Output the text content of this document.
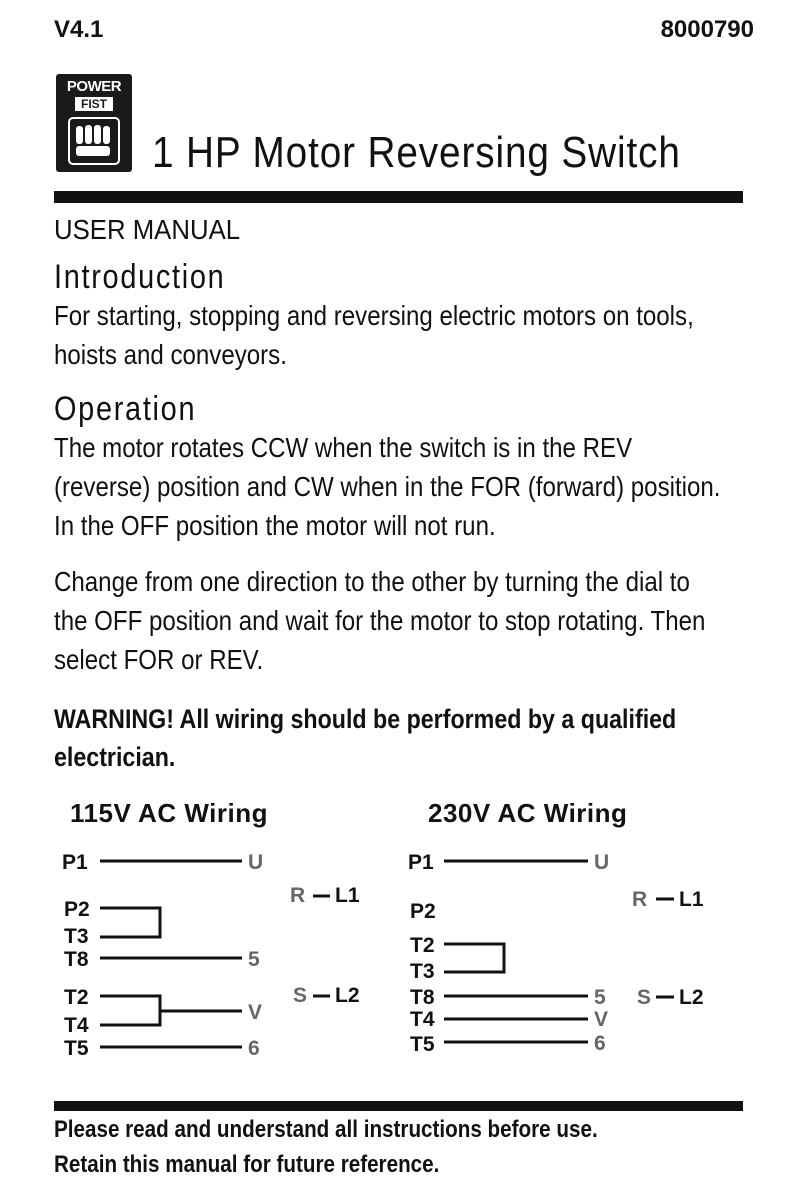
V4.1	8000790
POWER
FIST
1 HP Motor Reversing Switch
USER MANUAL
Introduction
For starting, stopping and reversing electric motors on tools, hoists and conveyors.
Operation
The motor rotates CCW when the switch is in the REV (reverse) position and CW when in the FOR (forward) position. In the OFF position the motor will not run.
Change from one direction to the other by turning the dial to the OFF position and wait for the motor to stop rotating. Then select FOR or REV.
WARNING! All wiring should be performed by a qualified electrician.
115V AC Wiring	230V AC Wiring
P1	U
P2
T3
T8	5
T2
T4
V
T5	6
R L1
S L2
P1	U
P2
T2
T3
T8	5
T4	V
T5	6
R L1
S L2
Please read and understand all instructions before use.
Retain this manual for future reference.
